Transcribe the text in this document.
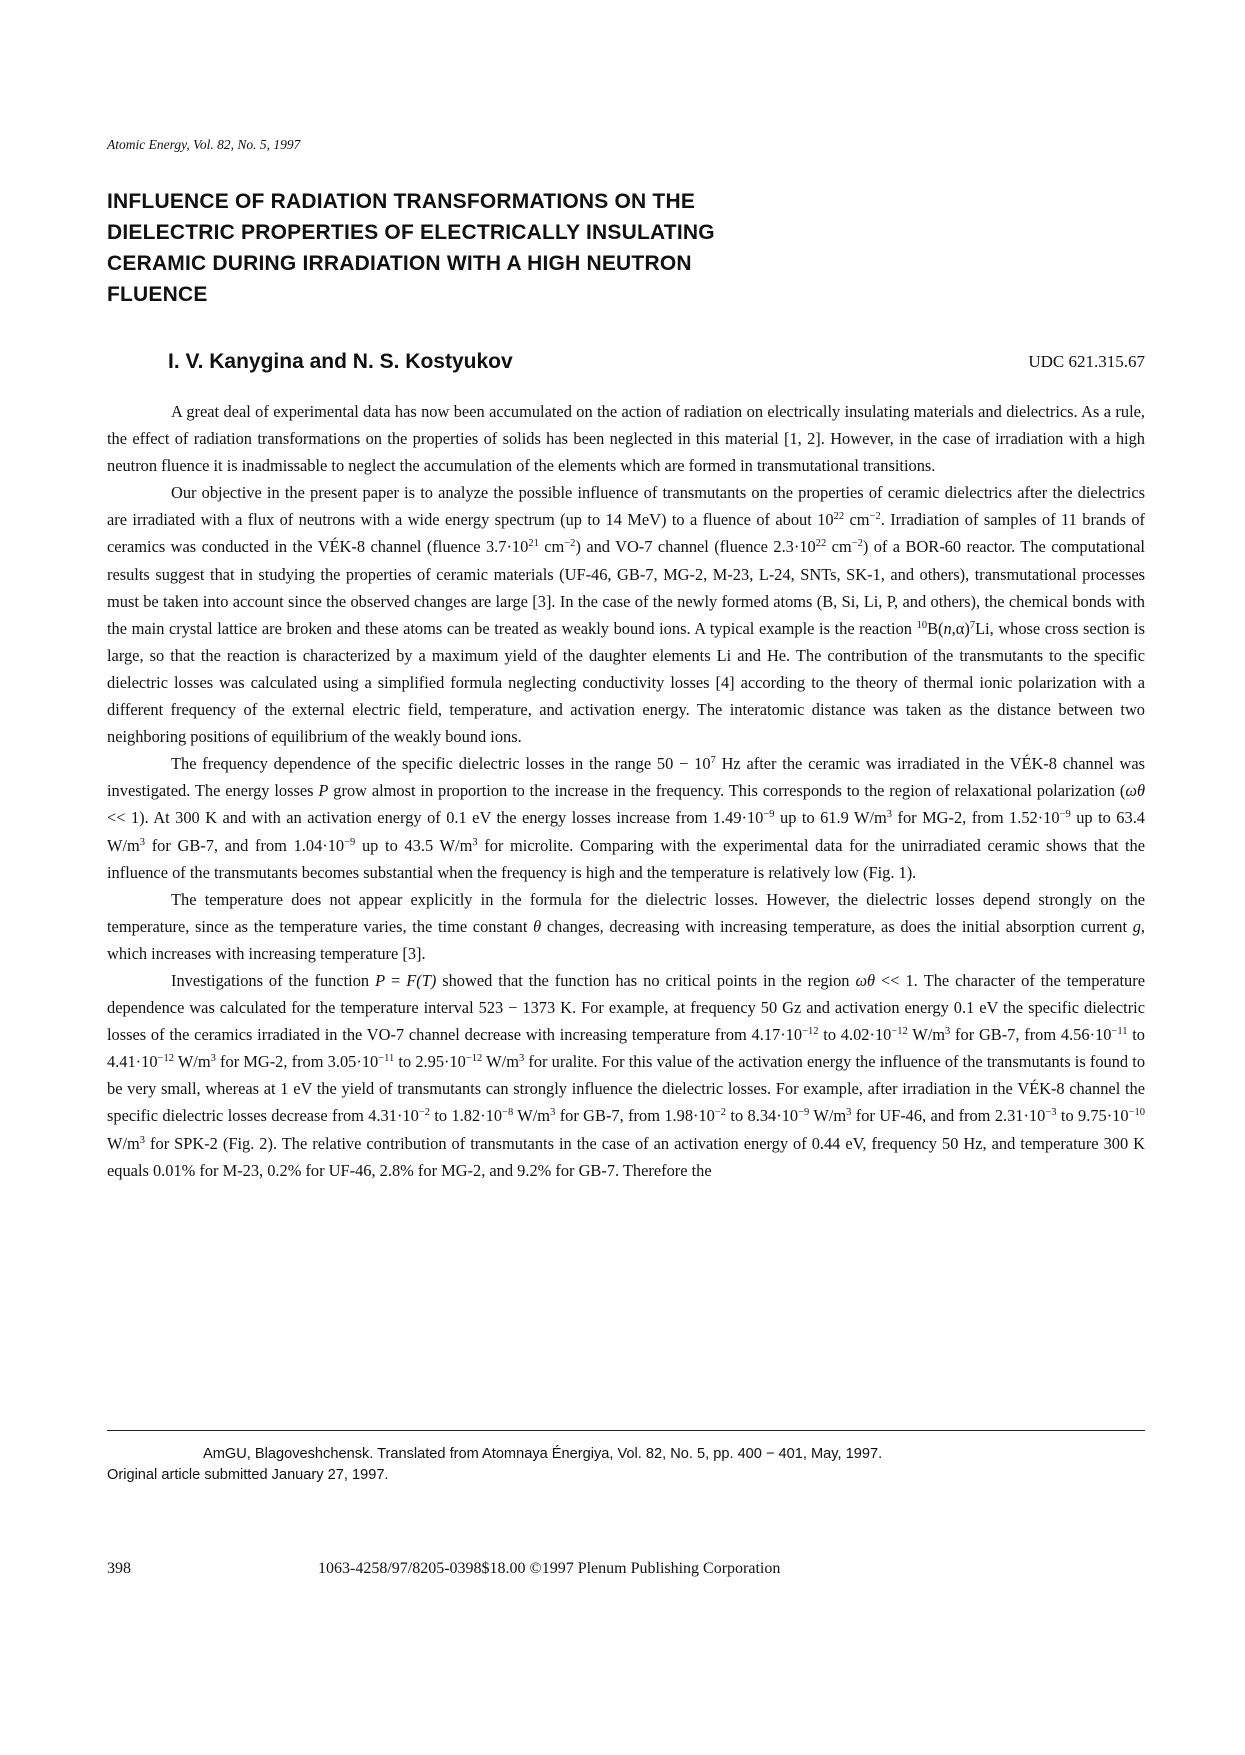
Atomic Energy, Vol. 82, No. 5, 1997
INFLUENCE OF RADIATION TRANSFORMATIONS ON THE
DIELECTRIC PROPERTIES OF ELECTRICALLY INSULATING
CERAMIC DURING IRRADIATION WITH A HIGH NEUTRON
FLUENCE
I. V. Kanygina and N. S. Kostyukov	UDC 621.315.67

A great deal of experimental data has now been accumulated on the action of radiation on electrically insulating materials and dielectrics. As a rule, the effect of radiation transformations on the properties of solids has been neglected in this material [1, 2]. However, in the case of irradiation with a high neutron fluence it is inadmissable to neglect the accumulation of the elements which are formed in transmutational transitions.

Our objective in the present paper is to analyze the possible influence of transmutants on the properties of ceramic dielectrics after the dielectrics are irradiated with a flux of neutrons with a wide energy spectrum (up to 14 MeV) to a fluence of about $10^{22}$ $cm^{-2}$. Irradiation of samples of 11 brands of ceramics was conducted in the VÉK-8 channel (fluence $3.7\cdot 10^{21}$ $cm^{-2}$) and VO-7 channel (fluence $2.3\cdot 10^{22}$ $cm^{-2}$) of a BOR-60 reactor. The computational results suggest that in studying the properties of ceramic materials (UF-46, GB-7, MG-2, M-23, L-24, SNTs, SK-1, and others), transmutational processes must be taken into account since the observed changes are large [3]. In the case of the newly formed atoms (B, Si, Li, P, and others), the chemical bonds with the main crystal lattice are broken and these atoms can be treated as weakly bound ions. A typical example is the reaction $^{10}B(n,\alpha)^7Li$, whose cross section is large, so that the reaction is characterized by a maximum yield of the daughter elements Li and He. The contribution of the transmutants to the specific dielectric losses was calculated using a simplified formula neglecting conductivity losses [4] according to the theory of thermal ionic polarization with a different frequency of the external electric field, temperature, and activation energy. The interatomic distance was taken as the distance between two neighboring positions of equilibrium of the weakly bound ions.

The frequency dependence of the specific dielectric losses in the range $50 - 10^7$ Hz after the ceramic was irradiated in the VÉK-8 channel was investigated. The energy losses P grow almost in proportion to the increase in the frequency. This corresponds to the region of relaxational polarization (ωθ << 1). At 300 K and with an activation energy of 0.1 eV the energy losses increase from $1.49\cdot 10^{-9}$ up to 61.9 $W/m^3$ for MG-2, from $1.52\cdot 10^{-9}$ up to 63.4 $W/m^3$ for GB-7, and from $1.04\cdot 10^{-9}$ up to 43.5 $W/m^3$ for microlite. Comparing with the experimental data for the unirradiated ceramic shows that the influence of the transmutants becomes substantial when the frequency is high and the temperature is relatively low (Fig. 1).

The temperature does not appear explicitly in the formula for the dielectric losses. However, the dielectric losses depend strongly on the temperature, since as the temperature varies, the time constant θ changes, decreasing with increasing temperature, as does the initial absorption current g, which increases with increasing temperature [3].

Investigations of the function P = F(T) showed that the function has no critical points in the region ωθ << 1. The character of the temperature dependence was calculated for the temperature interval 523 − 1373 K. For example, at frequency 50 Gz and activation energy 0.1 eV the specific dielectric losses of the ceramics irradiated in the VO-7 channel decrease with increasing temperature from $4.17\cdot 10^{-12}$ to $4.02\cdot 10^{-12}$ $W/m^3$ for GB-7, from $4.56\cdot 10^{-11}$ to $4.41\cdot 10^{-12}$ $W/m^3$ for MG-2, from $3.05\cdot 10^{-11}$ to $2.95\cdot 10^{-12}$ $W/m^3$ for uralite. For this value of the activation energy the influence of the transmutants is found to be very small, whereas at 1 eV the yield of transmutants can strongly influence the dielectric losses. For example, after irradiation in the VÉK-8 channel the specific dielectric losses decrease from $4.31\cdot 10^{-2}$ to $1.82\cdot 10^{-8}$ $W/m^3$ for GB-7, from $1.98\cdot 10^{-2}$ to $8.34\cdot 10^{-9}$ $W/m^3$ for UF-46, and from $2.31\cdot 10^{-3}$ to $9.75\cdot 10^{-10}$ $W/m^3$ for SPK-2 (Fig. 2). The relative contribution of transmutants in the case of an activation energy of 0.44 eV, frequency 50 Hz, and temperature 300 K equals 0.01% for M-23, 0.2% for UF-46, 2.8% for MG-2, and 9.2% for GB-7. Therefore the

AmGU, Blagoveshchensk. Translated from Atomnaya Énergiya, Vol. 82, No. 5, pp. 400 − 401, May, 1997.
Original article submitted January 27, 1997.
398	1063-4258/97/8205-0398$18.00 ©1997 Plenum Publishing Corporation
